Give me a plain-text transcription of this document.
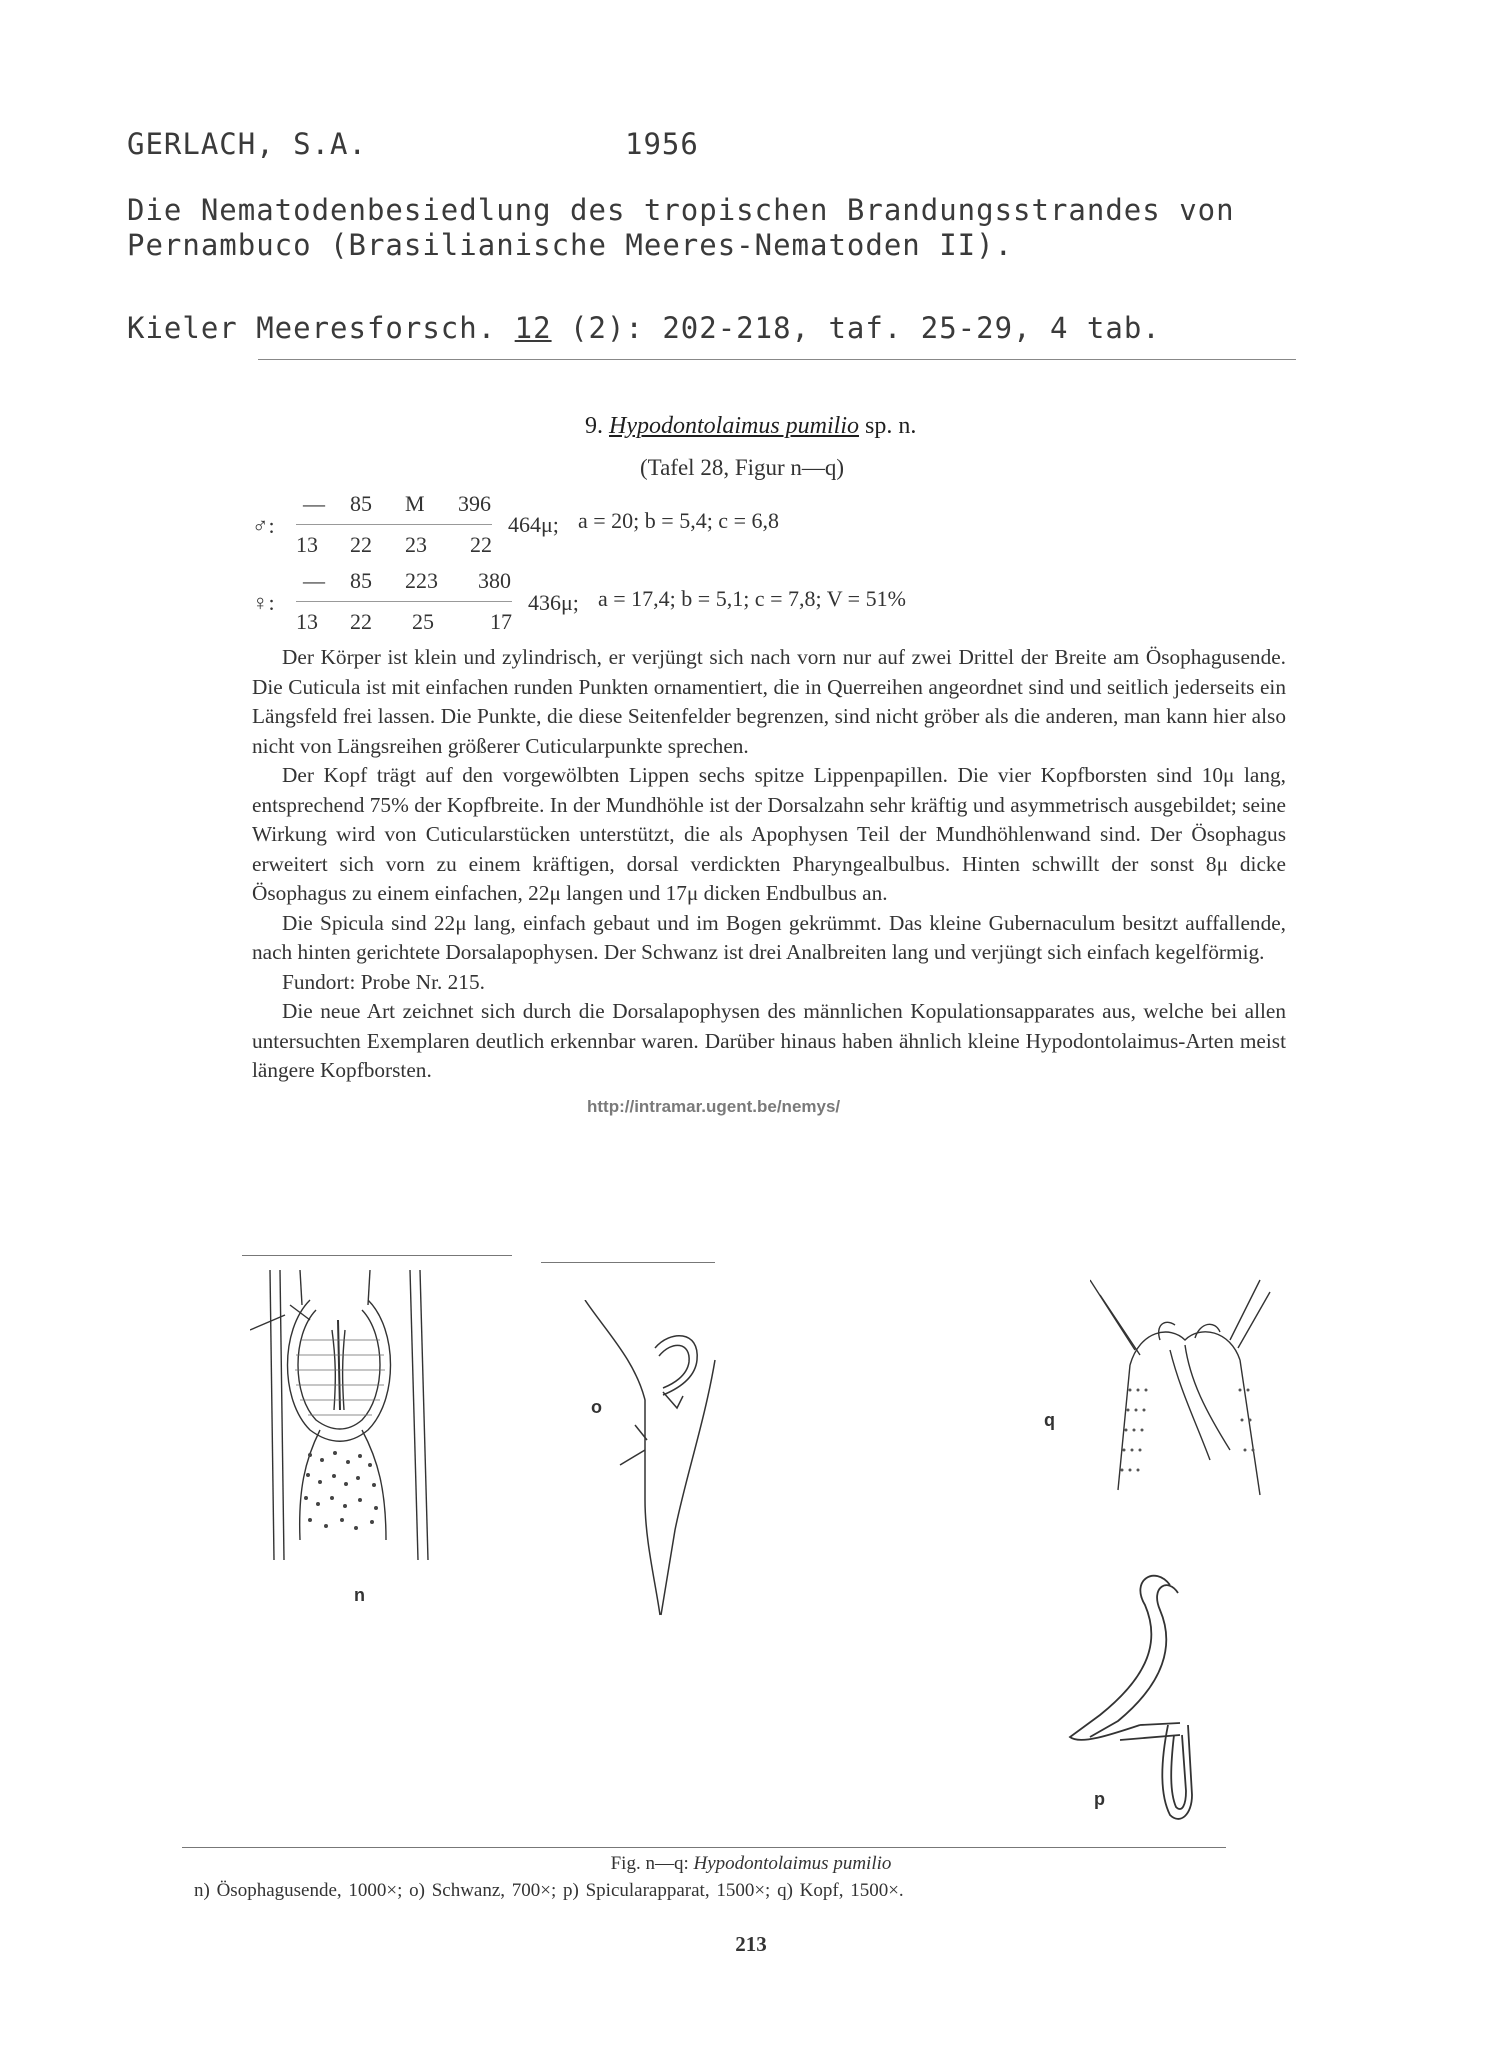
GERLACH, S.A.	1956
Die Nematodenbesiedlung des tropischen Brandungsstrandes von
Pernambuco (Brasilianische Meeres-Nematoden II).
Kieler Meeresforsch. 12 (2): 202-218, taf. 25-29, 4 tab.
9. Hypodontolaimus pumilio sp. n.
(Tafel 28, Figur n—q)
♂:
— 85 M 396
13 22 23 22
464μ; a = 20; b = 5,4; c = 6,8
♀:
— 85 223 380
13 22 25	17
436μ; a = 17,4; b = 5,1; c = 7,8; V = 51%

Der Körper ist klein und zylindrisch, er verjüngt sich nach vorn nur auf zwei Drittel der Breite am Ösophagusende. Die Cuticula ist mit einfachen runden Punkten ornamentiert, die in Querreihen angeordnet sind und seitlich jederseits ein Längsfeld frei lassen. Die Punkte, die diese Seitenfelder begrenzen, sind nicht gröber als die anderen, man kann hier also nicht von Längsreihen größerer Cuticularpunkte sprechen.

Der Kopf trägt auf den vorgewölbten Lippen sechs spitze Lippenpapillen. Die vier Kopfborsten sind 10μ lang, entsprechend 75% der Kopfbreite. In der Mundhöhle ist der Dorsalzahn sehr kräftig und asymmetrisch ausgebildet; seine Wirkung wird von Cuticularstücken unterstützt, die als Apophysen Teil der Mundhöhlenwand sind. Der Ösophagus erweitert sich vorn zu einem kräftigen, dorsal verdickten Pharyngealbulbus. Hinten schwillt der sonst 8μ dicke Ösophagus zu einem einfachen, 22μ langen und 17μ dicken Endbulbus an.

Die Spicula sind 22μ lang, einfach gebaut und im Bogen gekrümmt. Das kleine Gubernaculum besitzt auffallende, nach hinten gerichtete Dorsalapophysen. Der Schwanz ist drei Analbreiten lang und verjüngt sich einfach kegelförmig.

Fundort: Probe Nr. 215.

Die neue Art zeichnet sich durch die Dorsalapophysen des männlichen Kopulationsapparates aus, welche bei allen untersuchten Exemplaren deutlich erkennbar waren. Darüber hinaus haben ähnlich kleine Hypodontolaimus-Arten meist längere Kopfborsten.

http://intramar.ugent.be/nemys/
n
o
q
p
Fig. n—q: Hypodontolaimus pumilio
n) Ösophagusende, 1000×; o) Schwanz, 700×; p) Spicularapparat, 1500×; q) Kopf, 1500×.
213
